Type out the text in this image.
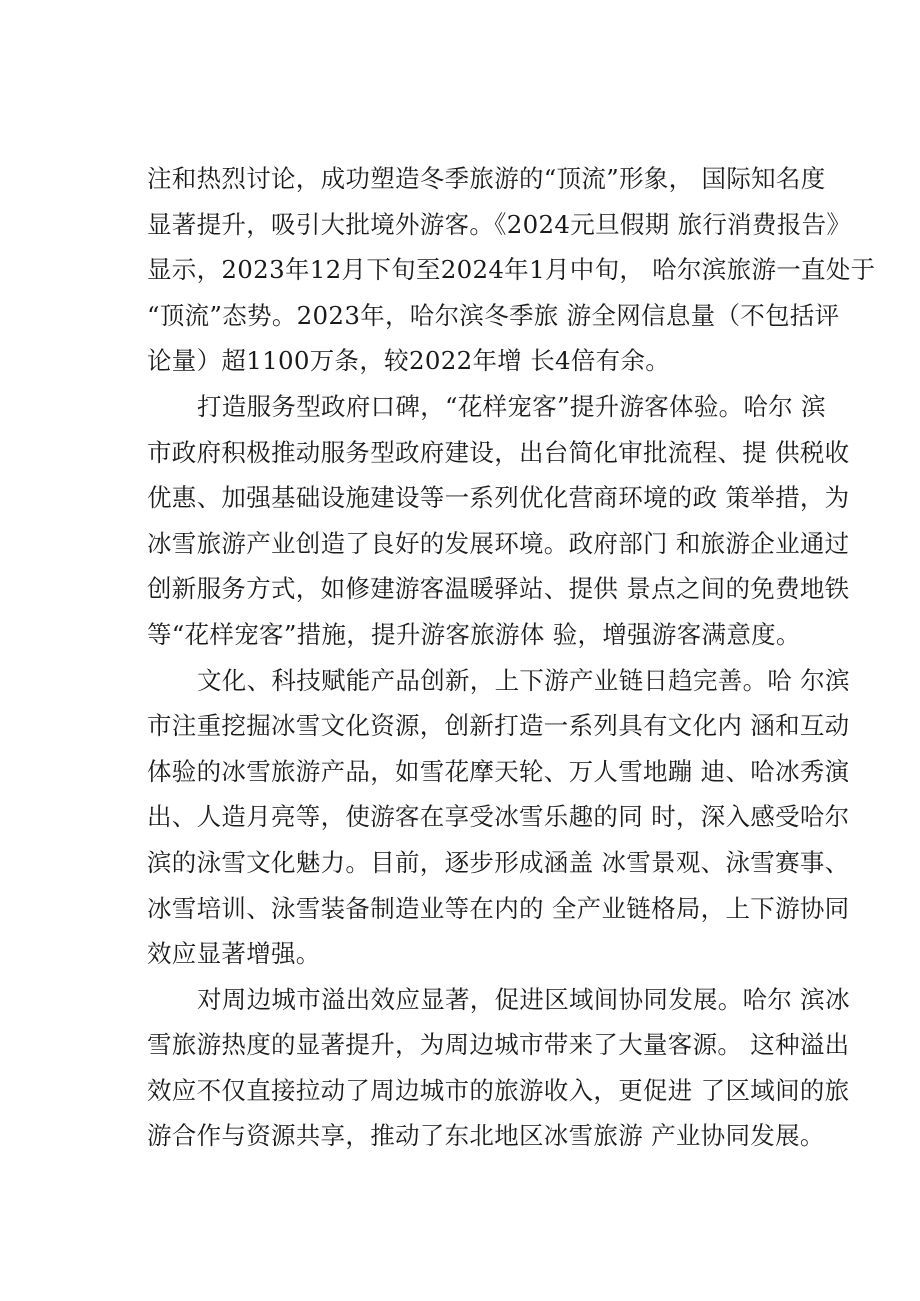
注和热烈讨论，成功塑造冬季旅游的“顶流”形象， 国际知名度
显著提升，吸引大批境外游客。《2024元旦假期 旅行消费报告》
显示，2023年12月下旬至2024年1月中旬， 哈尔滨旅游一直处于
“顶流”态势。2023年，哈尔滨冬季旅 游全网信息量（不包括评
论量）超1100万条，较2022年增 长4倍有余。

打造服务型政府口碑，“花样宠客”提升游客体验。哈尔 滨
市政府积极推动服务型政府建设，出台简化审批流程、提 供税收
优惠、加强基础设施建设等一系列优化营商环境的政 策举措，为
冰雪旅游产业创造了良好的发展环境。政府部门 和旅游企业通过
创新服务方式，如修建游客温暖驿站、提供 景点之间的免费地铁
等“花样宠客”措施，提升游客旅游体 验，增强游客满意度。

文化、科技赋能产品创新，上下游产业链日趋完善。哈 尔滨
市注重挖掘冰雪文化资源，创新打造一系列具有文化内 涵和互动
体验的冰雪旅游产品，如雪花摩天轮、万人雪地蹦 迪、哈冰秀演
出、人造月亮等，使游客在享受冰雪乐趣的同 时，深入感受哈尔
滨的泳雪文化魅力。目前，逐步形成涵盖 冰雪景观、泳雪赛事、
冰雪培训、泳雪装备制造业等在内的 全产业链格局，上下游协同
效应显著增强。

对周边城市溢出效应显著，促进区域间协同发展。哈尔 滨冰
雪旅游热度的显著提升，为周边城市带来了大量客源。 这种溢出
效应不仅直接拉动了周边城市的旅游收入，更促进 了区域间的旅
游合作与资源共享，推动了东北地区冰雪旅游 产业协同发展。
